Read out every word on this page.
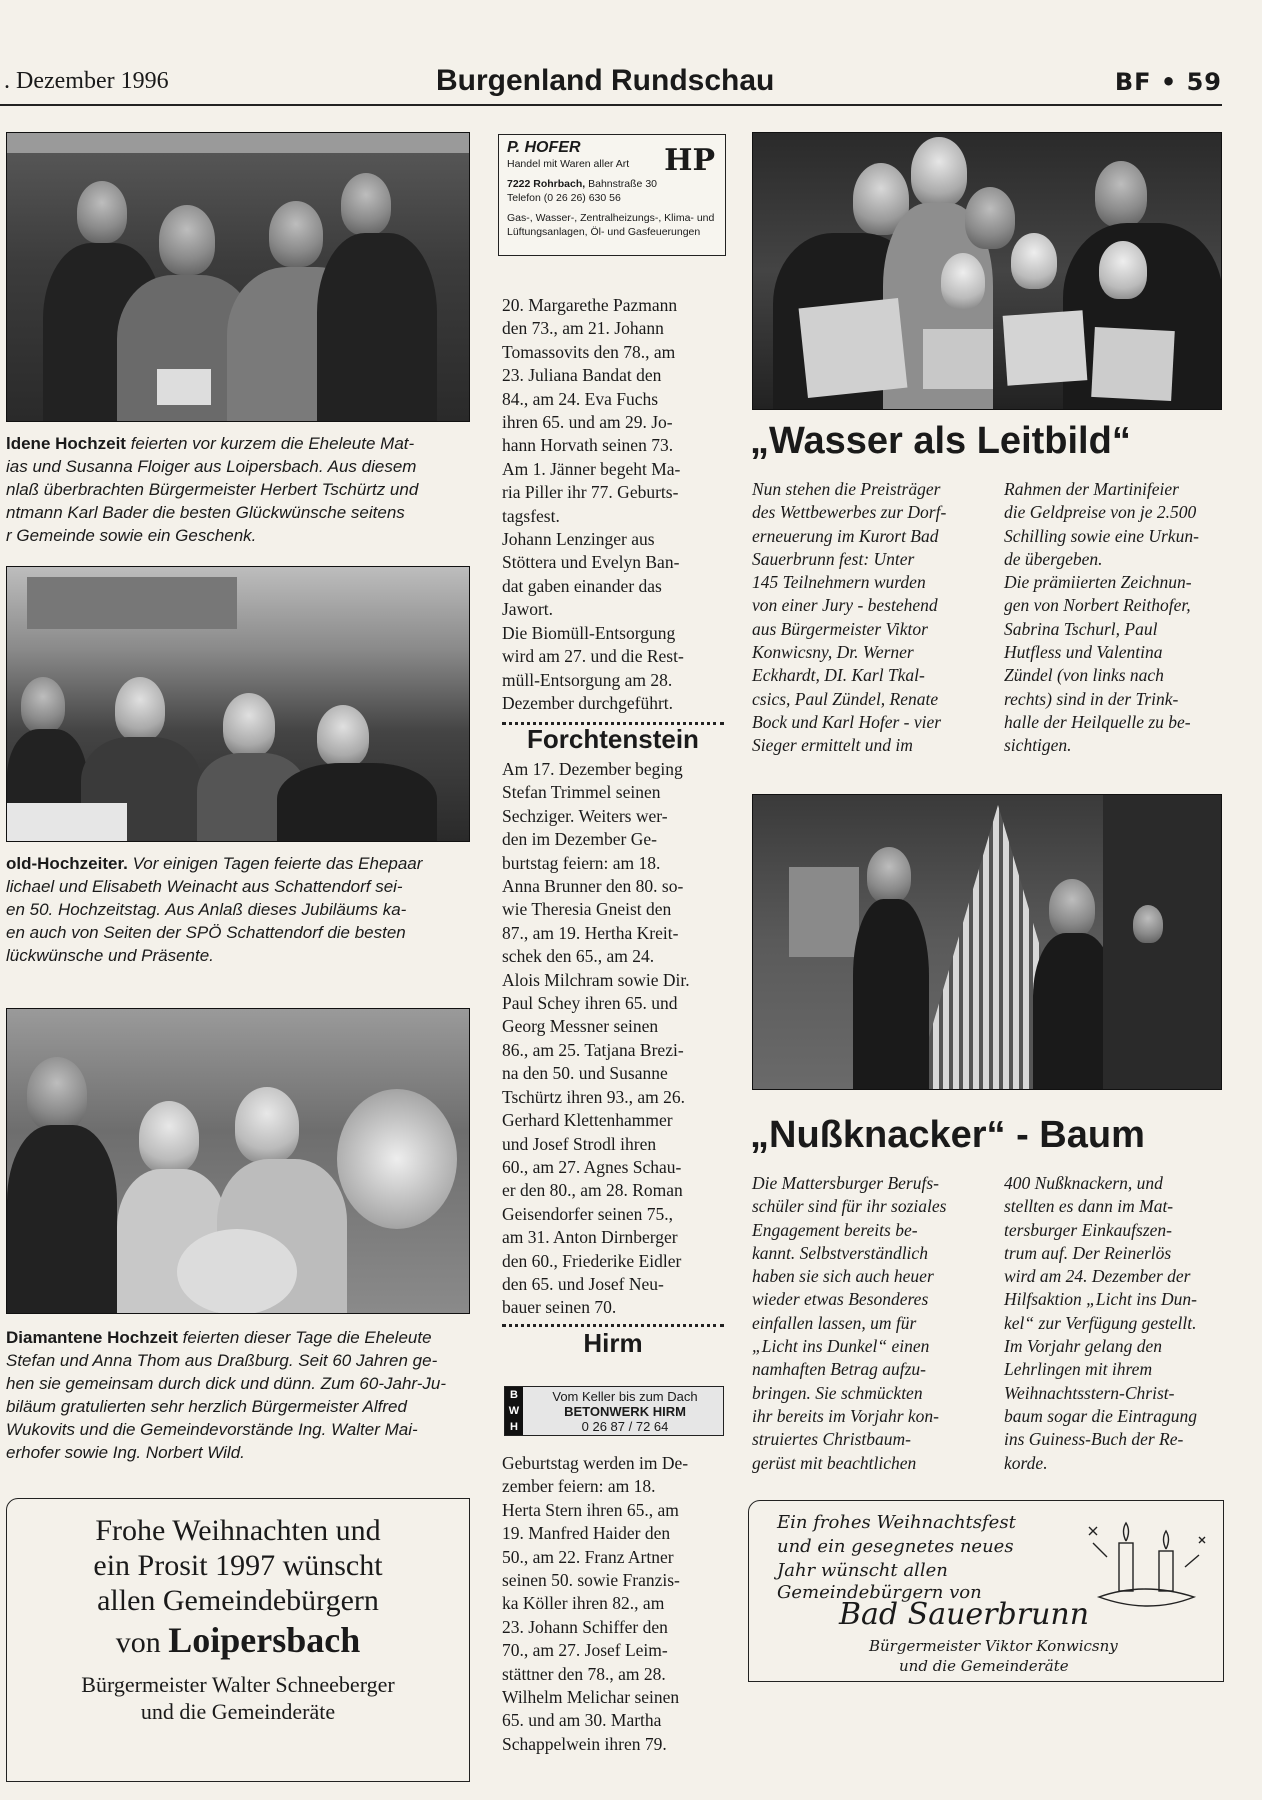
. Dezember 1996	Burgenland Rundschau	BF • 59
ldene Hochzeit feierten vor kurzem die Eheleute Mat-
ias und Susanna Floiger aus Loipersbach. Aus diesem
nlaß überbrachten Bürgermeister Herbert Tschürtz und
ntmann Karl Bader die besten Glückwünsche seitens
r Gemeinde sowie ein Geschenk.
old-Hochzeiter. Vor einigen Tagen feierte das Ehepaar
lichael und Elisabeth Weinacht aus Schattendorf sei-
en 50. Hochzeitstag. Aus Anlaß dieses Jubiläums ka-
en auch von Seiten der SPÖ Schattendorf die besten
lückwünsche und Präsente.
Diamantene Hochzeit feierten dieser Tage die Eheleute
Stefan und Anna Thom aus Draßburg. Seit 60 Jahren ge-
hen sie gemeinsam durch dick und dünn. Zum 60-Jahr-Ju-
biläum gratulierten sehr herzlich Bürgermeister Alfred
Wukovits und die Gemeindevorstände Ing. Walter Mai-
erhofer sowie Ing. Norbert Wild.
Frohe Weihnachten und
ein Prosit 1997 wünscht
allen Gemeindebürgern
von Loipersbach
Bürgermeister Walter Schneeberger
und die Gemeinderäte
P. HOFER
Handel mit Waren aller Art
7222 Rohrbach, Bahnstraße 30
Telefon (0 26 26) 630 56
Gas-, Wasser-, Zentralheizungs-, Klima- und
Lüftungsanlagen, Öl- und Gasfeuerungen
HP
20. Margarethe Pazmann
den 73., am 21. Johann
Tomassovits den 78., am
23. Juliana Bandat den
84., am 24. Eva Fuchs
ihren 65. und am 29. Jo-
hann Horvath seinen 73.
Am 1. Jänner begeht Ma-
ria Piller ihr 77. Geburts-
tagsfest.
Johann Lenzinger aus
Stöttera und Evelyn Ban-
dat gaben einander das
Jawort.
Die Biomüll-Entsorgung
wird am 27. und die Rest-
müll-Entsorgung am 28.
Dezember durchgeführt.
Forchtenstein
Am 17. Dezember beging
Stefan Trimmel seinen
Sechziger. Weiters wer-
den im Dezember Ge-
burtstag feiern: am 18.
Anna Brunner den 80. so-
wie Theresia Gneist den
87., am 19. Hertha Kreit-
schek den 65., am 24.
Alois Milchram sowie Dir.
Paul Schey ihren 65. und
Georg Messner seinen
86., am 25. Tatjana Brezi-
na den 50. und Susanne
Tschürtz ihren 93., am 26.
Gerhard Klettenhammer
und Josef Strodl ihren
60., am 27. Agnes Schau-
er den 80., am 28. Roman
Geisendorfer seinen 75.,
am 31. Anton Dirnberger
den 60., Friederike Eidler
den 65. und Josef Neu-
bauer seinen 70.
Hirm
B
W
H
Vom Keller bis zum Dach
BETONWERK HIRM
0 26 87 / 72 64
Geburtstag werden im De-
zember feiern: am 18.
Herta Stern ihren 65., am
19. Manfred Haider den
50., am 22. Franz Artner
seinen 50. sowie Franzis-
ka Köller ihren 82., am
23. Johann Schiffer den
70., am 27. Josef Leim-
stättner den 78., am 28.
Wilhelm Melichar seinen
65. und am 30. Martha
Schappelwein ihren 79.
„Wasser als Leitbild“
Nun stehen die Preisträger
des Wettbewerbes zur Dorf-
erneuerung im Kurort Bad
Sauerbrunn fest: Unter
145 Teilnehmern wurden
von einer Jury - bestehend
aus Bürgermeister Viktor
Konwicsny, Dr. Werner
Eckhardt, DI. Karl Tkal-
csics, Paul Zündel, Renate
Bock und Karl Hofer - vier
Sieger ermittelt und im
Rahmen der Martinifeier
die Geldpreise von je 2.500
Schilling sowie eine Urkun-
de übergeben.
Die prämiierten Zeichnun-
gen von Norbert Reithofer,
Sabrina Tschurl, Paul
Hutfless und Valentina
Zündel (von links nach
rechts) sind in der Trink-
halle der Heilquelle zu be-
sichtigen.
„Nußknacker“ - Baum
Die Mattersburger Berufs-
schüler sind für ihr soziales
Engagement bereits be-
kannt. Selbstverständlich
haben sie sich auch heuer
wieder etwas Besonderes
einfallen lassen, um für
„Licht ins Dunkel“ einen
namhaften Betrag aufzu-
bringen. Sie schmückten
ihr bereits im Vorjahr kon-
struiertes Christbaum-
gerüst mit beachtlichen
400 Nußknackern, und
stellten es dann im Mat-
tersburger Einkaufszen-
trum auf. Der Reinerlös
wird am 24. Dezember der
Hilfsaktion „Licht ins Dun-
kel“ zur Verfügung gestellt.
Im Vorjahr gelang den
Lehrlingen mit ihrem
Weihnachtsstern-Christ-
baum sogar die Eintragung
ins Guiness-Buch der Re-
korde.
Ein frohes Weihnachtsfest
und ein gesegnetes neues
Jahr wünscht allen
Gemeindebürgern von
Bad Sauerbrunn
Bürgermeister Viktor Konwicsny
und die Gemeinderäte
